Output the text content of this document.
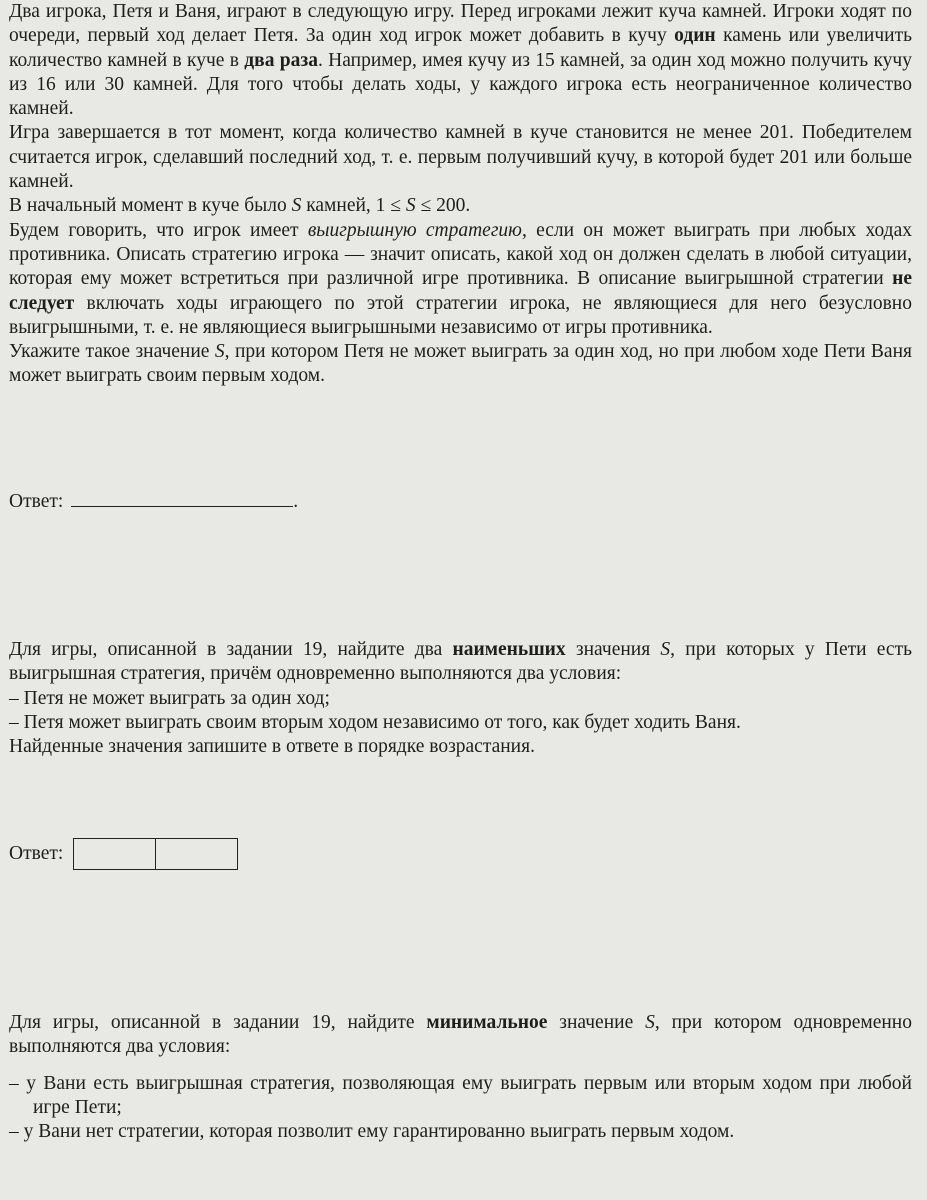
Два игрока, Петя и Ваня, играют в следующую игру. Перед игроками лежит куча камней. Игроки ходят по очереди, первый ход делает Петя. За один ход игрок может добавить в кучу один камень или увеличить количество камней в куче в два раза. Например, имея кучу из 15 камней, за один ход можно получить кучу из 16 или 30 камней. Для того чтобы делать ходы, у каждого игрока есть неограниченное количество камней.

Игра завершается в тот момент, когда количество камней в куче становится не менее 201. Победителем считается игрок, сделавший последний ход, т. е. первым получивший кучу, в которой будет 201 или больше камней.

В начальный момент в куче было S камней, 1 ≤ S ≤ 200.

Будем говорить, что игрок имеет выигрышную стратегию, если он может выиграть при любых ходах противника. Описать стратегию игрока — значит описать, какой ход он должен сделать в любой ситуации, которая ему может встретиться при различной игре противника. В описание выигрышной стратегии не следует включать ходы играющего по этой стратегии игрока, не являющиеся для него безусловно выигрышными, т. е. не являющиеся выигрышными независимо от игры противника.

Укажите такое значение S, при котором Петя не может выиграть за один ход, но при любом ходе Пети Ваня может выиграть своим первым ходом.

Ответ:	.

Для игры, описанной в задании 19, найдите два наименьших значения S, при которых у Пети есть выигрышная стратегия, причём одновременно выполняются два условия:

– Петя не может выиграть за один ход;

– Петя может выиграть своим вторым ходом независимо от того, как будет ходить Ваня.

Найденные значения запишите в ответе в порядке возрастания.

Ответ:

Для игры, описанной в задании 19, найдите минимальное значение S, при котором одновременно выполняются два условия:

– у Вани есть выигрышная стратегия, позволяющая ему выиграть первым или вторым ходом при любой игре Пети;

– у Вани нет стратегии, которая позволит ему гарантированно выиграть первым ходом.
